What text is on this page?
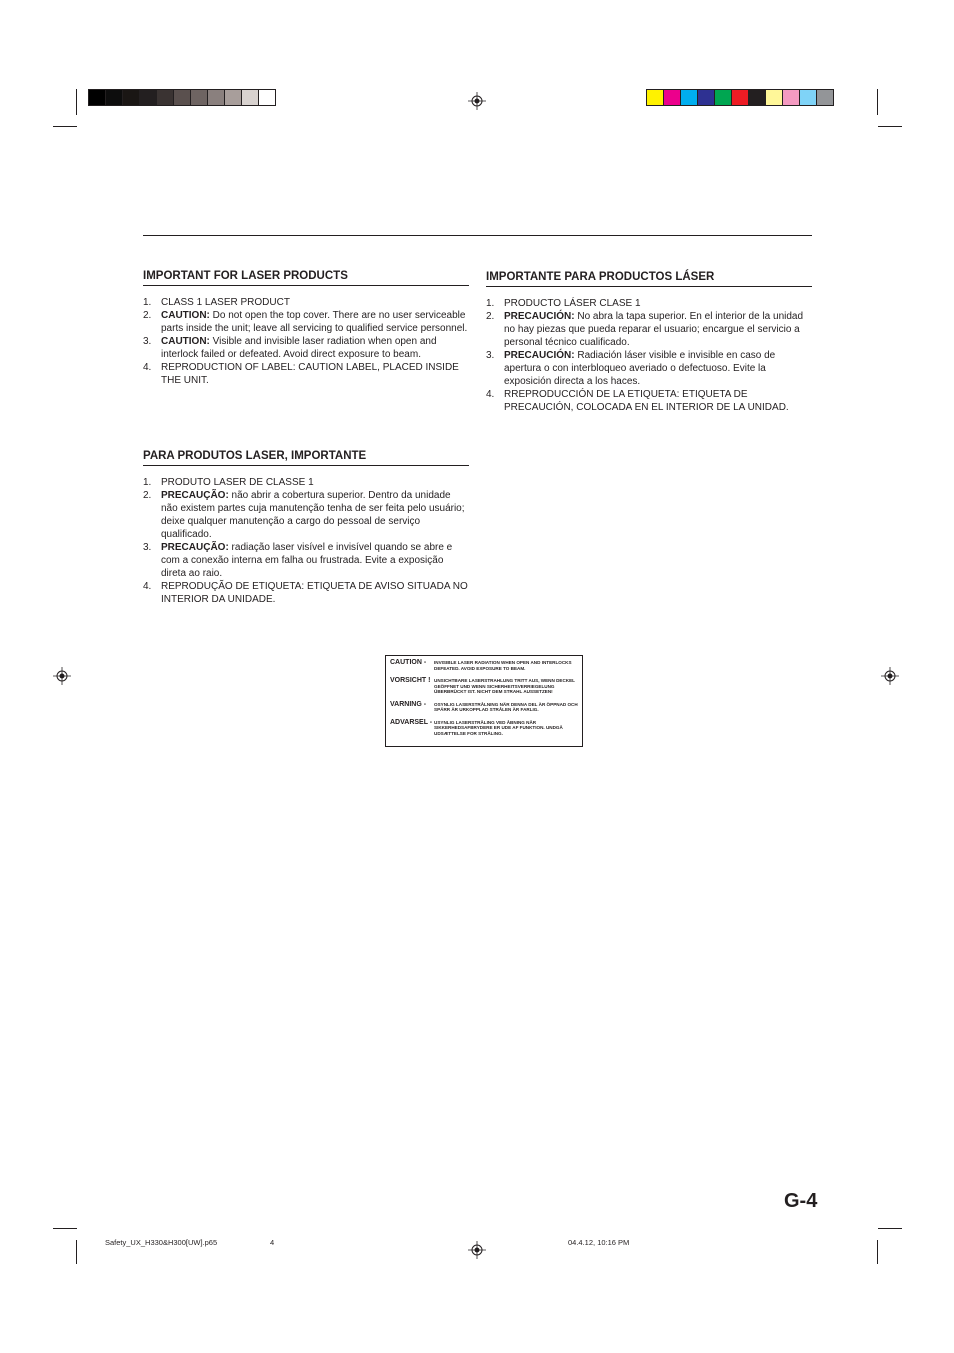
IMPORTANT FOR LASER PRODUCTS
1. CLASS 1 LASER PRODUCT
2. CAUTION: Do not open the top cover. There are no user serviceable parts inside the unit; leave all servicing to qualified service personnel.
3. CAUTION: Visible and invisible laser radiation when open and interlock failed or defeated. Avoid direct exposure to beam.
4. REPRODUCTION OF LABEL: CAUTION LABEL, PLACED INSIDE THE UNIT.
IMPORTANTE PARA PRODUCTOS LÁSER
1. PRODUCTO LÁSER CLASE 1
2. PRECAUCIÓN: No abra la tapa superior. En el interior de la unidad no hay piezas que pueda reparar el usuario; encargue el servicio a personal técnico cualificado.
3. PRECAUCIÓN: Radiación láser visible e invisible en caso de apertura o con interbloqueo averiado o defectuoso. Evite la exposición directa a los haces.
4. RREPRODUCCIÓN DE LA ETIQUETA: ETIQUETA DE PRECAUCIÓN, COLOCADA EN EL INTERIOR DE LA UNIDAD.
PARA PRODUTOS LASER, IMPORTANTE
1. PRODUTO LASER DE CLASSE 1
2. PRECAUÇÃO: não abrir a cobertura superior. Dentro da unidade não existem partes cuja manutenção tenha de ser feita pelo usuário; deixe qualquer manutenção a cargo do pessoal de serviço qualificado.
3. PRECAUÇÃO: radiação laser visível e invisível quando se abre e com a conexão interna em falha ou frustrada. Evite a exposição direta ao raio.
4. REPRODUÇÃO DE ETIQUETA: ETIQUETA DE AVISO SITUADA NO INTERIOR DA UNIDADE.
CAUTION -	INVISIBLE LASER RADIATION WHEN OPEN AND INTERLOCKS DEFEATED. AVOID EXPOSURE TO BEAM.
VORSICHT ! UNSICHTBARE LASERSTRAHLUNG TRITT AUS, WENN DECKEL GEÖFFNET UND WENN SICHERHEITSVERRIEGELUNG ÜBERBRÜCKT IST. NICHT DEM STRAHL AUSSETZEN!
VARNING -	OSYNLIG LASERSTRÅLNING NÄR DENNA DEL ÄR ÖPPNAD OCH SPÄRR ÄR URKOPPLAD STRÅLEN ÄR FARLIG.
ADVARSEL - USYNLIG LASERSTRÅLING VED ÅBNING NÅR SIKKERHEDSAFBRYDERE ER UDE AF FUNKTION. UNDGÅ UDSÆTTELSE FOR STRÅLING.
G-4
Safety_UX_H330&H300[UW].p65	4	04.4.12, 10:16 PM
